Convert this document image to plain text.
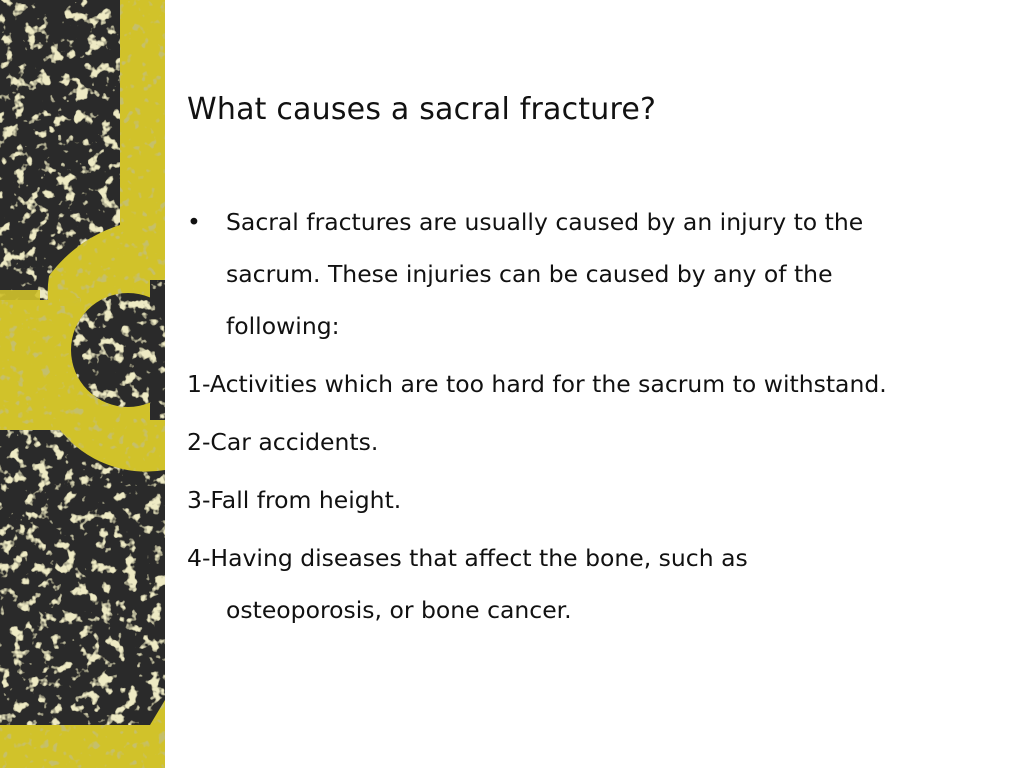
What causes a sacral fracture?
• Sacral fractures are usually caused by an injury to the
sacrum. These injuries can be caused by any of the
following:
1-Activities which are too hard for the sacrum to withstand.
2-Car accidents.
3-Fall from height.
4-Having diseases that affect the bone, such as
osteoporosis, or bone cancer.
